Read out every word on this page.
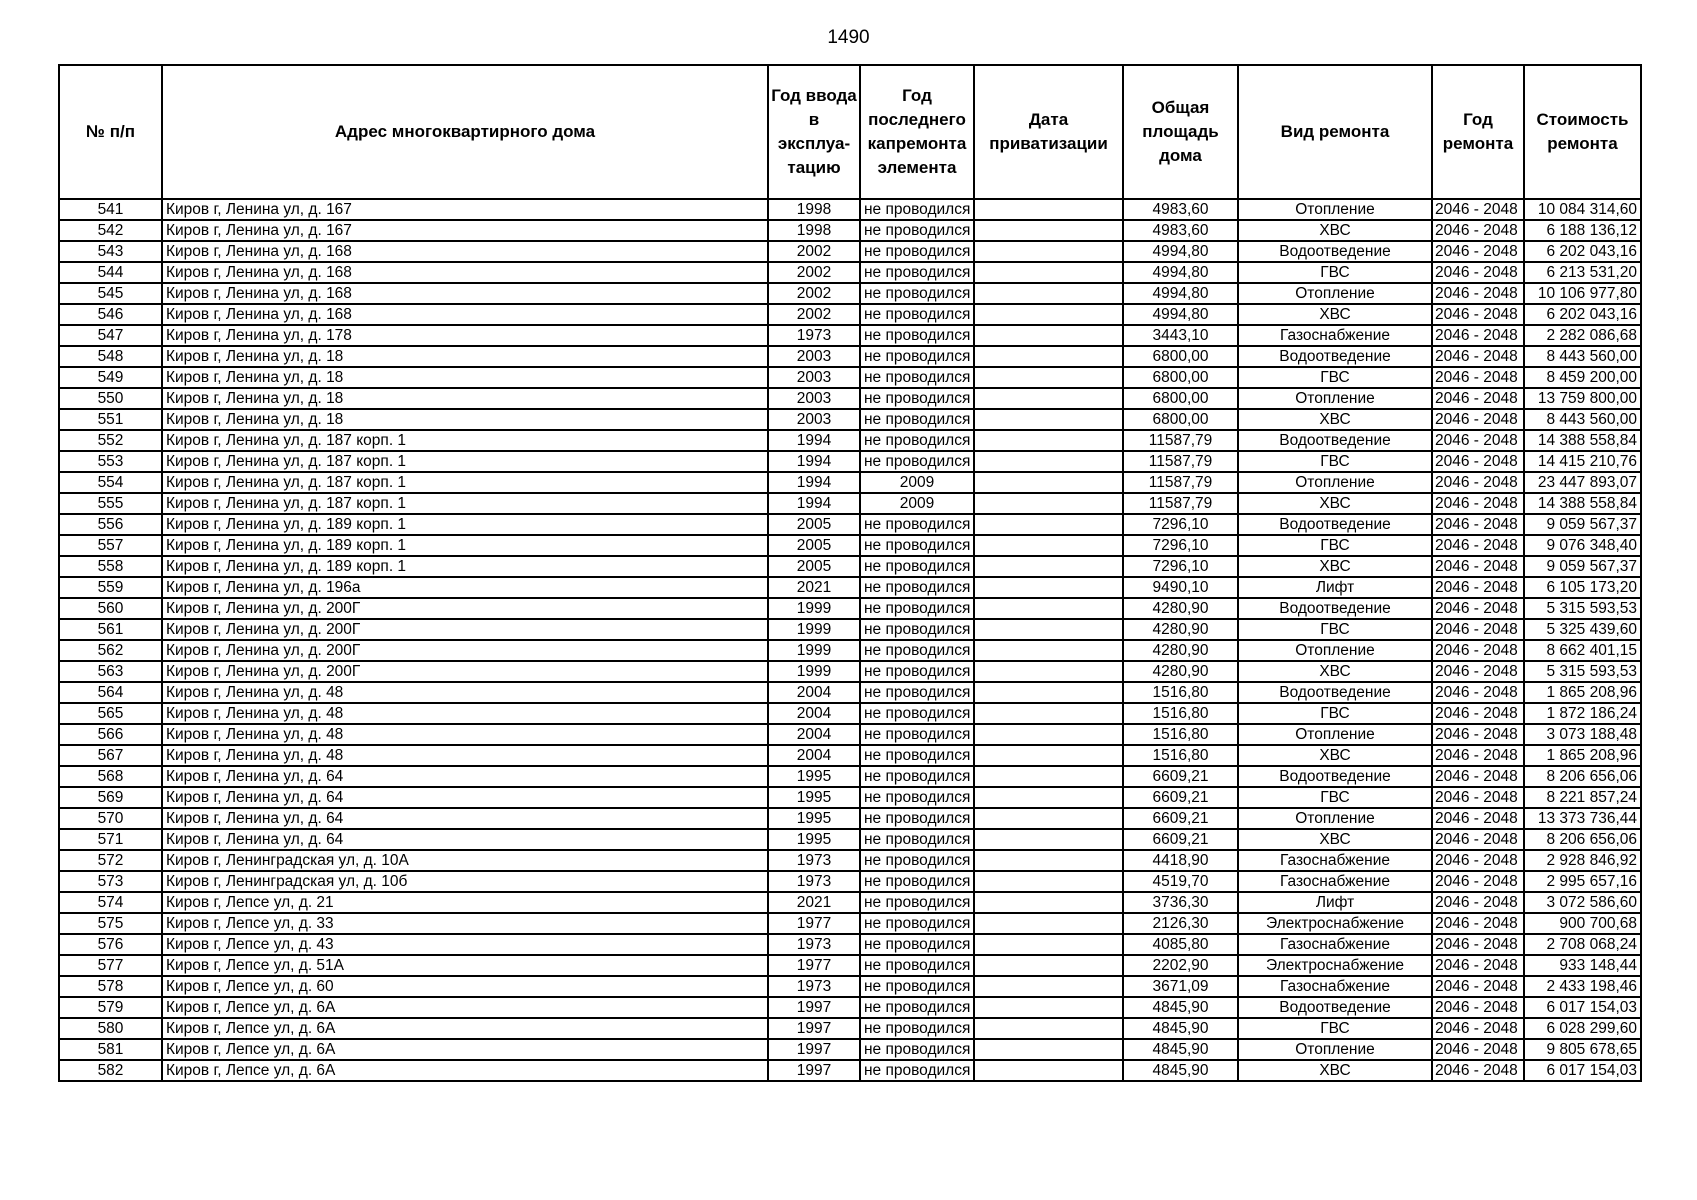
1490
№ п/п	Адрес многоквартирного дома	Год ввода в эксплуа-тацию	Год последнего капремонта элемента	Дата приватизации	Общая площадь дома	Вид ремонта	Год ремонта	Стоимость ремонта
541	Киров г, Ленина ул, д. 167	1998	не проводился		4983,60	Отопление	2046 - 2048	10 084 314,60
542	Киров г, Ленина ул, д. 167	1998	не проводился		4983,60	ХВС	2046 - 2048	6 188 136,12
543	Киров г, Ленина ул, д. 168	2002	не проводился		4994,80	Водоотведение	2046 - 2048	6 202 043,16
544	Киров г, Ленина ул, д. 168	2002	не проводился		4994,80	ГВС	2046 - 2048	6 213 531,20
545	Киров г, Ленина ул, д. 168	2002	не проводился		4994,80	Отопление	2046 - 2048	10 106 977,80
546	Киров г, Ленина ул, д. 168	2002	не проводился		4994,80	ХВС	2046 - 2048	6 202 043,16
547	Киров г, Ленина ул, д. 178	1973	не проводился		3443,10	Газоснабжение	2046 - 2048	2 282 086,68
548	Киров г, Ленина ул, д. 18	2003	не проводился		6800,00	Водоотведение	2046 - 2048	8 443 560,00
549	Киров г, Ленина ул, д. 18	2003	не проводился		6800,00	ГВС	2046 - 2048	8 459 200,00
550	Киров г, Ленина ул, д. 18	2003	не проводился		6800,00	Отопление	2046 - 2048	13 759 800,00
551	Киров г, Ленина ул, д. 18	2003	не проводился		6800,00	ХВС	2046 - 2048	8 443 560,00
552	Киров г, Ленина ул, д. 187 корп. 1	1994	не проводился		11587,79	Водоотведение	2046 - 2048	14 388 558,84
553	Киров г, Ленина ул, д. 187 корп. 1	1994	не проводился		11587,79	ГВС	2046 - 2048	14 415 210,76
554	Киров г, Ленина ул, д. 187 корп. 1	1994	2009		11587,79	Отопление	2046 - 2048	23 447 893,07
555	Киров г, Ленина ул, д. 187 корп. 1	1994	2009		11587,79	ХВС	2046 - 2048	14 388 558,84
556	Киров г, Ленина ул, д. 189 корп. 1	2005	не проводился		7296,10	Водоотведение	2046 - 2048	9 059 567,37
557	Киров г, Ленина ул, д. 189 корп. 1	2005	не проводился		7296,10	ГВС	2046 - 2048	9 076 348,40
558	Киров г, Ленина ул, д. 189 корп. 1	2005	не проводился		7296,10	ХВС	2046 - 2048	9 059 567,37
559	Киров г, Ленина ул, д. 196а	2021	не проводился		9490,10	Лифт	2046 - 2048	6 105 173,20
560	Киров г, Ленина ул, д. 200Г	1999	не проводился		4280,90	Водоотведение	2046 - 2048	5 315 593,53
561	Киров г, Ленина ул, д. 200Г	1999	не проводился		4280,90	ГВС	2046 - 2048	5 325 439,60
562	Киров г, Ленина ул, д. 200Г	1999	не проводился		4280,90	Отопление	2046 - 2048	8 662 401,15
563	Киров г, Ленина ул, д. 200Г	1999	не проводился		4280,90	ХВС	2046 - 2048	5 315 593,53
564	Киров г, Ленина ул, д. 48	2004	не проводился		1516,80	Водоотведение	2046 - 2048	1 865 208,96
565	Киров г, Ленина ул, д. 48	2004	не проводился		1516,80	ГВС	2046 - 2048	1 872 186,24
566	Киров г, Ленина ул, д. 48	2004	не проводился		1516,80	Отопление	2046 - 2048	3 073 188,48
567	Киров г, Ленина ул, д. 48	2004	не проводился		1516,80	ХВС	2046 - 2048	1 865 208,96
568	Киров г, Ленина ул, д. 64	1995	не проводился		6609,21	Водоотведение	2046 - 2048	8 206 656,06
569	Киров г, Ленина ул, д. 64	1995	не проводился		6609,21	ГВС	2046 - 2048	8 221 857,24
570	Киров г, Ленина ул, д. 64	1995	не проводился		6609,21	Отопление	2046 - 2048	13 373 736,44
571	Киров г, Ленина ул, д. 64	1995	не проводился		6609,21	ХВС	2046 - 2048	8 206 656,06
572	Киров г, Ленинградская ул, д. 10А	1973	не проводился		4418,90	Газоснабжение	2046 - 2048	2 928 846,92
573	Киров г, Ленинградская ул, д. 10б	1973	не проводился		4519,70	Газоснабжение	2046 - 2048	2 995 657,16
574	Киров г, Лепсе ул, д. 21	2021	не проводился		3736,30	Лифт	2046 - 2048	3 072 586,60
575	Киров г, Лепсе ул, д. 33	1977	не проводился		2126,30	Электроснабжение	2046 - 2048	900 700,68
576	Киров г, Лепсе ул, д. 43	1973	не проводился		4085,80	Газоснабжение	2046 - 2048	2 708 068,24
577	Киров г, Лепсе ул, д. 51А	1977	не проводился		2202,90	Электроснабжение	2046 - 2048	933 148,44
578	Киров г, Лепсе ул, д. 60	1973	не проводился		3671,09	Газоснабжение	2046 - 2048	2 433 198,46
579	Киров г, Лепсе ул, д. 6А	1997	не проводился		4845,90	Водоотведение	2046 - 2048	6 017 154,03
580	Киров г, Лепсе ул, д. 6А	1997	не проводился		4845,90	ГВС	2046 - 2048	6 028 299,60
581	Киров г, Лепсе ул, д. 6А	1997	не проводился		4845,90	Отопление	2046 - 2048	9 805 678,65
582	Киров г, Лепсе ул, д. 6А	1997	не проводился		4845,90	ХВС	2046 - 2048	6 017 154,03
